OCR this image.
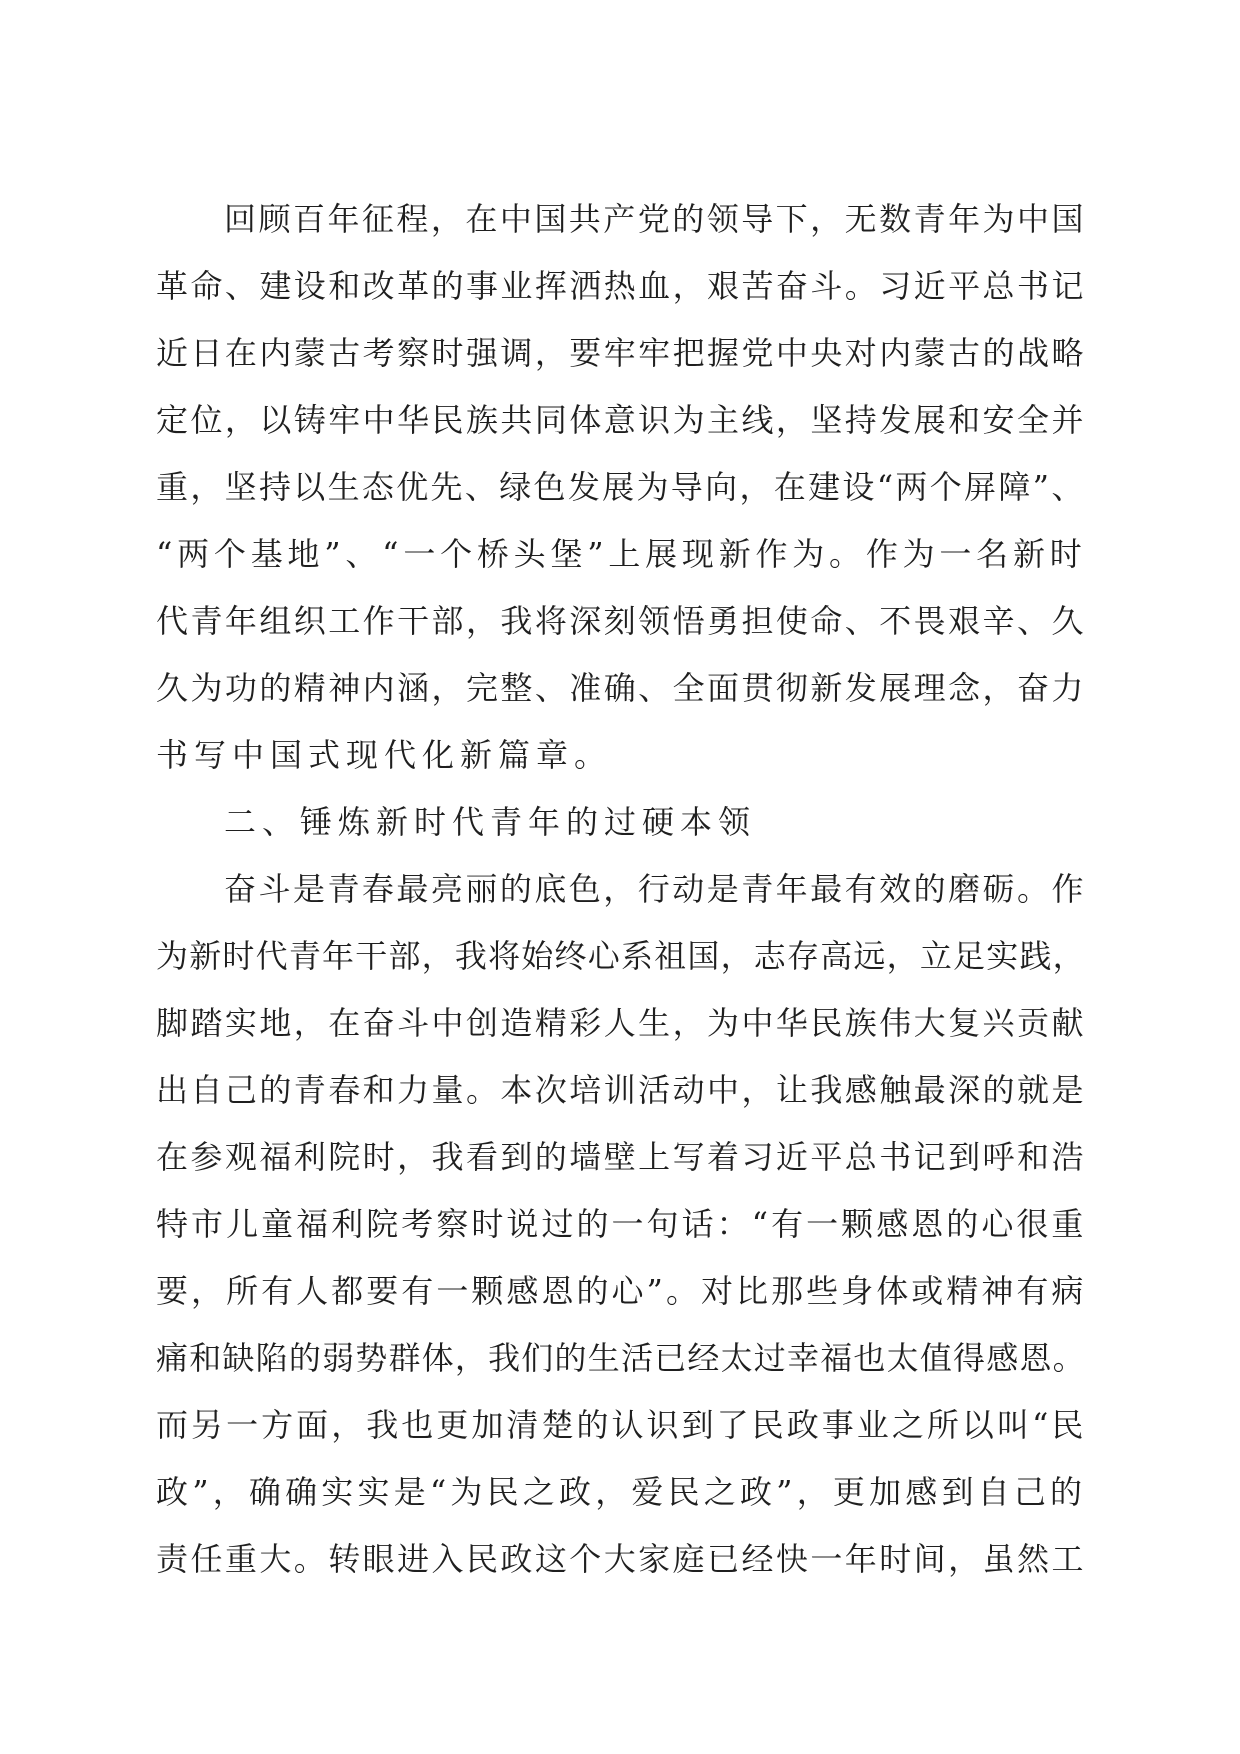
回顾百年征程，在中国共产党的领导下，无数青年为中国
革命、建设和改革的事业挥洒热血，艰苦奋斗。习近平总书记
近日在内蒙古考察时强调，要牢牢把握党中央对内蒙古的战略
定位，以铸牢中华民族共同体意识为主线，坚持发展和安全并
重，坚持以生态优先、绿色发展为导向，在建设“两个屏障”、
“两个基地”、“一个桥头堡”上展现新作为。作为一名新时
代青年组织工作干部，我将深刻领悟勇担使命、不畏艰辛、久
久为功的精神内涵，完整、准确、全面贯彻新发展理念，奋力
书写中国式现代化新篇章。
二、锤炼新时代青年的过硬本领
奋斗是青春最亮丽的底色，行动是青年最有效的磨砺。作
为新时代青年干部，我将始终心系祖国，志存高远，立足实践，
脚踏实地，在奋斗中创造精彩人生，为中华民族伟大复兴贡献
出自己的青春和力量。本次培训活动中，让我感触最深的就是
在参观福利院时，我看到的墙壁上写着习近平总书记到呼和浩
特市儿童福利院考察时说过的一句话：“有一颗感恩的心很重
要，所有人都要有一颗感恩的心”。对比那些身体或精神有病
痛和缺陷的弱势群体，我们的生活已经太过幸福也太值得感恩。
而另一方面，我也更加清楚的认识到了民政事业之所以叫“民
政”，确确实实是“为民之政，爱民之政”，更加感到自己的
责任重大。转眼进入民政这个大家庭已经快一年时间，虽然工
